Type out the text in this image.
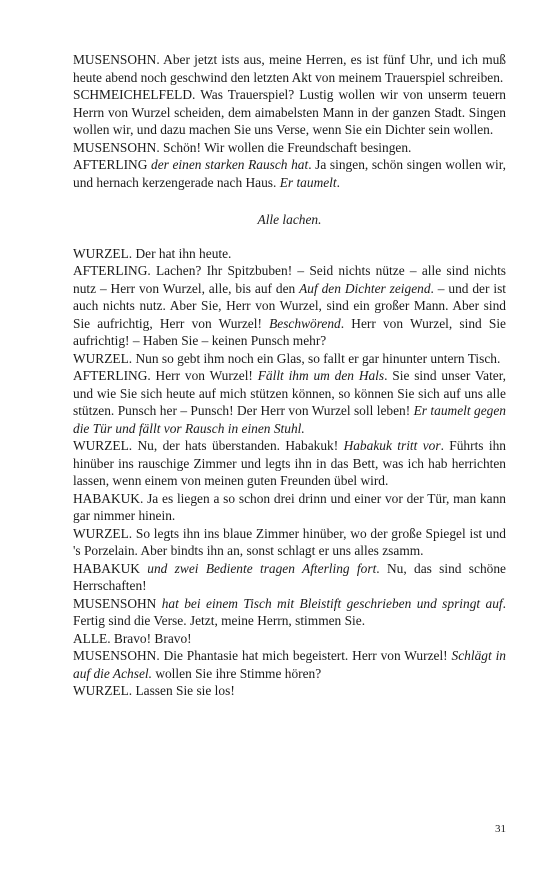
MUSENSOHN. Aber jetzt ists aus, meine Herren, es ist fünf Uhr, und ich muß heute abend noch geschwind den letzten Akt von meinem Trauerspiel schreiben.

SCHMEICHELFELD. Was Trauerspiel? Lustig wollen wir von unserm teuern Herrn von Wurzel scheiden, dem aimabelsten Mann in der ganzen Stadt. Singen wollen wir, und dazu machen Sie uns Verse, wenn Sie ein Dichter sein wollen.

MUSENSOHN. Schön! Wir wollen die Freundschaft besingen.

AFTERLING der einen starken Rausch hat. Ja singen, schön singen wollen wir, und hernach kerzengerade nach Haus. Er taumelt.

Alle lachen.

WURZEL. Der hat ihn heute.

AFTERLING. Lachen? Ihr Spitzbuben! – Seid nichts nütze – alle sind nichts nutz – Herr von Wurzel, alle, bis auf den Auf den Dichter zeigend. – und der ist auch nichts nutz. Aber Sie, Herr von Wurzel, sind ein großer Mann. Aber sind Sie aufrichtig, Herr von Wurzel! Beschwörend. Herr von Wurzel, sind Sie aufrichtig! – Haben Sie – keinen Punsch mehr?

WURZEL. Nun so gebt ihm noch ein Glas, so fallt er gar hinunter untern Tisch.

AFTERLING. Herr von Wurzel! Fällt ihm um den Hals. Sie sind unser Vater, und wie Sie sich heute auf mich stützen können, so können Sie sich auf uns alle stützen. Punsch her – Punsch! Der Herr von Wurzel soll leben! Er taumelt gegen die Tür und fällt vor Rausch in einen Stuhl.

WURZEL. Nu, der hats überstanden. Habakuk! Habakuk tritt vor. Führts ihn hinüber ins rauschige Zimmer und legts ihn in das Bett, was ich hab herrichten lassen, wenn einem von meinen guten Freunden übel wird.

HABAKUK. Ja es liegen a so schon drei drinn und einer vor der Tür, man kann gar nimmer hinein.

WURZEL. So legts ihn ins blaue Zimmer hinüber, wo der große Spiegel ist und 's Porzelain. Aber bindts ihn an, sonst schlagt er uns alles zsamm.

HABAKUK und zwei Bediente tragen Afterling fort. Nu, das sind schöne Herrschaften!

MUSENSOHN hat bei einem Tisch mit Bleistift geschrieben und springt auf. Fertig sind die Verse. Jetzt, meine Herrn, stimmen Sie.

ALLE. Bravo! Bravo!

MUSENSOHN. Die Phantasie hat mich begeistert. Herr von Wurzel! Schlägt in auf die Achsel. wollen Sie ihre Stimme hören?

WURZEL. Lassen Sie sie los!

31
